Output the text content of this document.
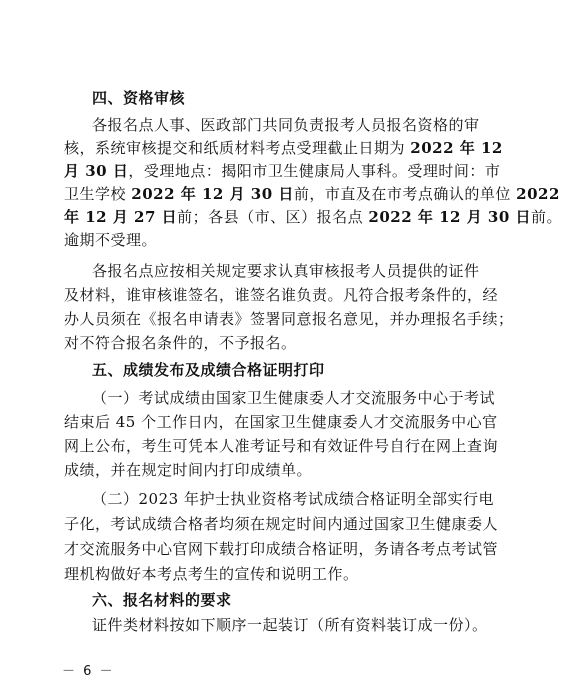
四、资格审核
各报名点人事、医政部门共同负责报考人员报名资格的审
核，系统审核提交和纸质材料考点受理截止日期为 2022 年 12
月 30 日，受理地点：揭阳市卫生健康局人事科。受理时间：市
卫生学校 2022 年 12 月 30 日前，市直及在市考点确认的单位 2022
年 12 月 27 日前；各县（市、区）报名点 2022 年 12 月 30 日前。
逾期不受理。
各报名点应按相关规定要求认真审核报考人员提供的证件
及材料，谁审核谁签名，谁签名谁负责。凡符合报考条件的，经
办人员须在《报名申请表》签署同意报名意见，并办理报名手续；
对不符合报名条件的，不予报名。
五、成绩发布及成绩合格证明打印
（一）考试成绩由国家卫生健康委人才交流服务中心于考试
结束后 45 个工作日内，在国家卫生健康委人才交流服务中心官
网上公布，考生可凭本人准考证号和有效证件号自行在网上查询
成绩，并在规定时间内打印成绩单。
（二）2023 年护士执业资格考试成绩合格证明全部实行电
子化，考试成绩合格者均须在规定时间内通过国家卫生健康委人
才交流服务中心官网下载打印成绩合格证明，务请各考点考试管
理机构做好本考点考生的宣传和说明工作。
六、报名材料的要求
证件类材料按如下顺序一起装订（所有资料装订成一份）。
－ 6 －
